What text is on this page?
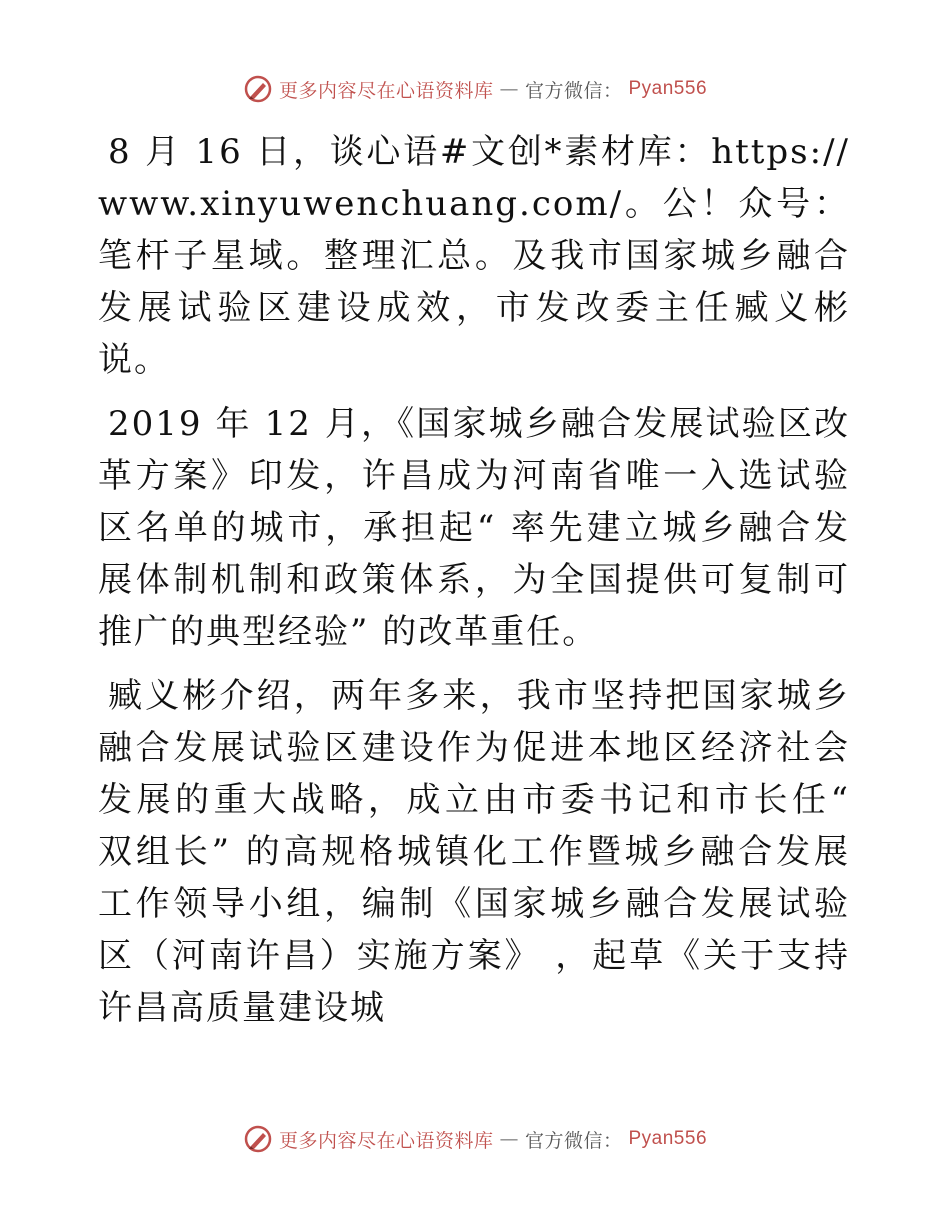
更多内容尽在心语资料库 — 官方微信： Pyan556

8 月 16 日，谈心语#文创*素材库：https://www.xinyuwenchuang.com/。公！众号：笔杆子星域。整理汇总。及我市国家城乡融合发展试验区建设成效，市发改委主任臧义彬说。

2019 年 12 月，《国家城乡融合发展试验区改革方案》印发，许昌成为河南省唯一入选试验区名单的城市，承担起“ 率先建立城乡融合发展体制机制和政策体系，为全国提供可复制可推广的典型经验” 的改革重任。

臧义彬介绍，两年多来，我市坚持把国家城乡融合发展试验区建设作为促进本地区经济社会发展的重大战略，成立由市委书记和市长任“ 双组长” 的高规格城镇化工作暨城乡融合发展工作领导小组，编制《国家城乡融合发展试验区（河南许昌）实施方案》 ，起草《关于支持许昌高质量建设城

更多内容尽在心语资料库 — 官方微信： Pyan556
